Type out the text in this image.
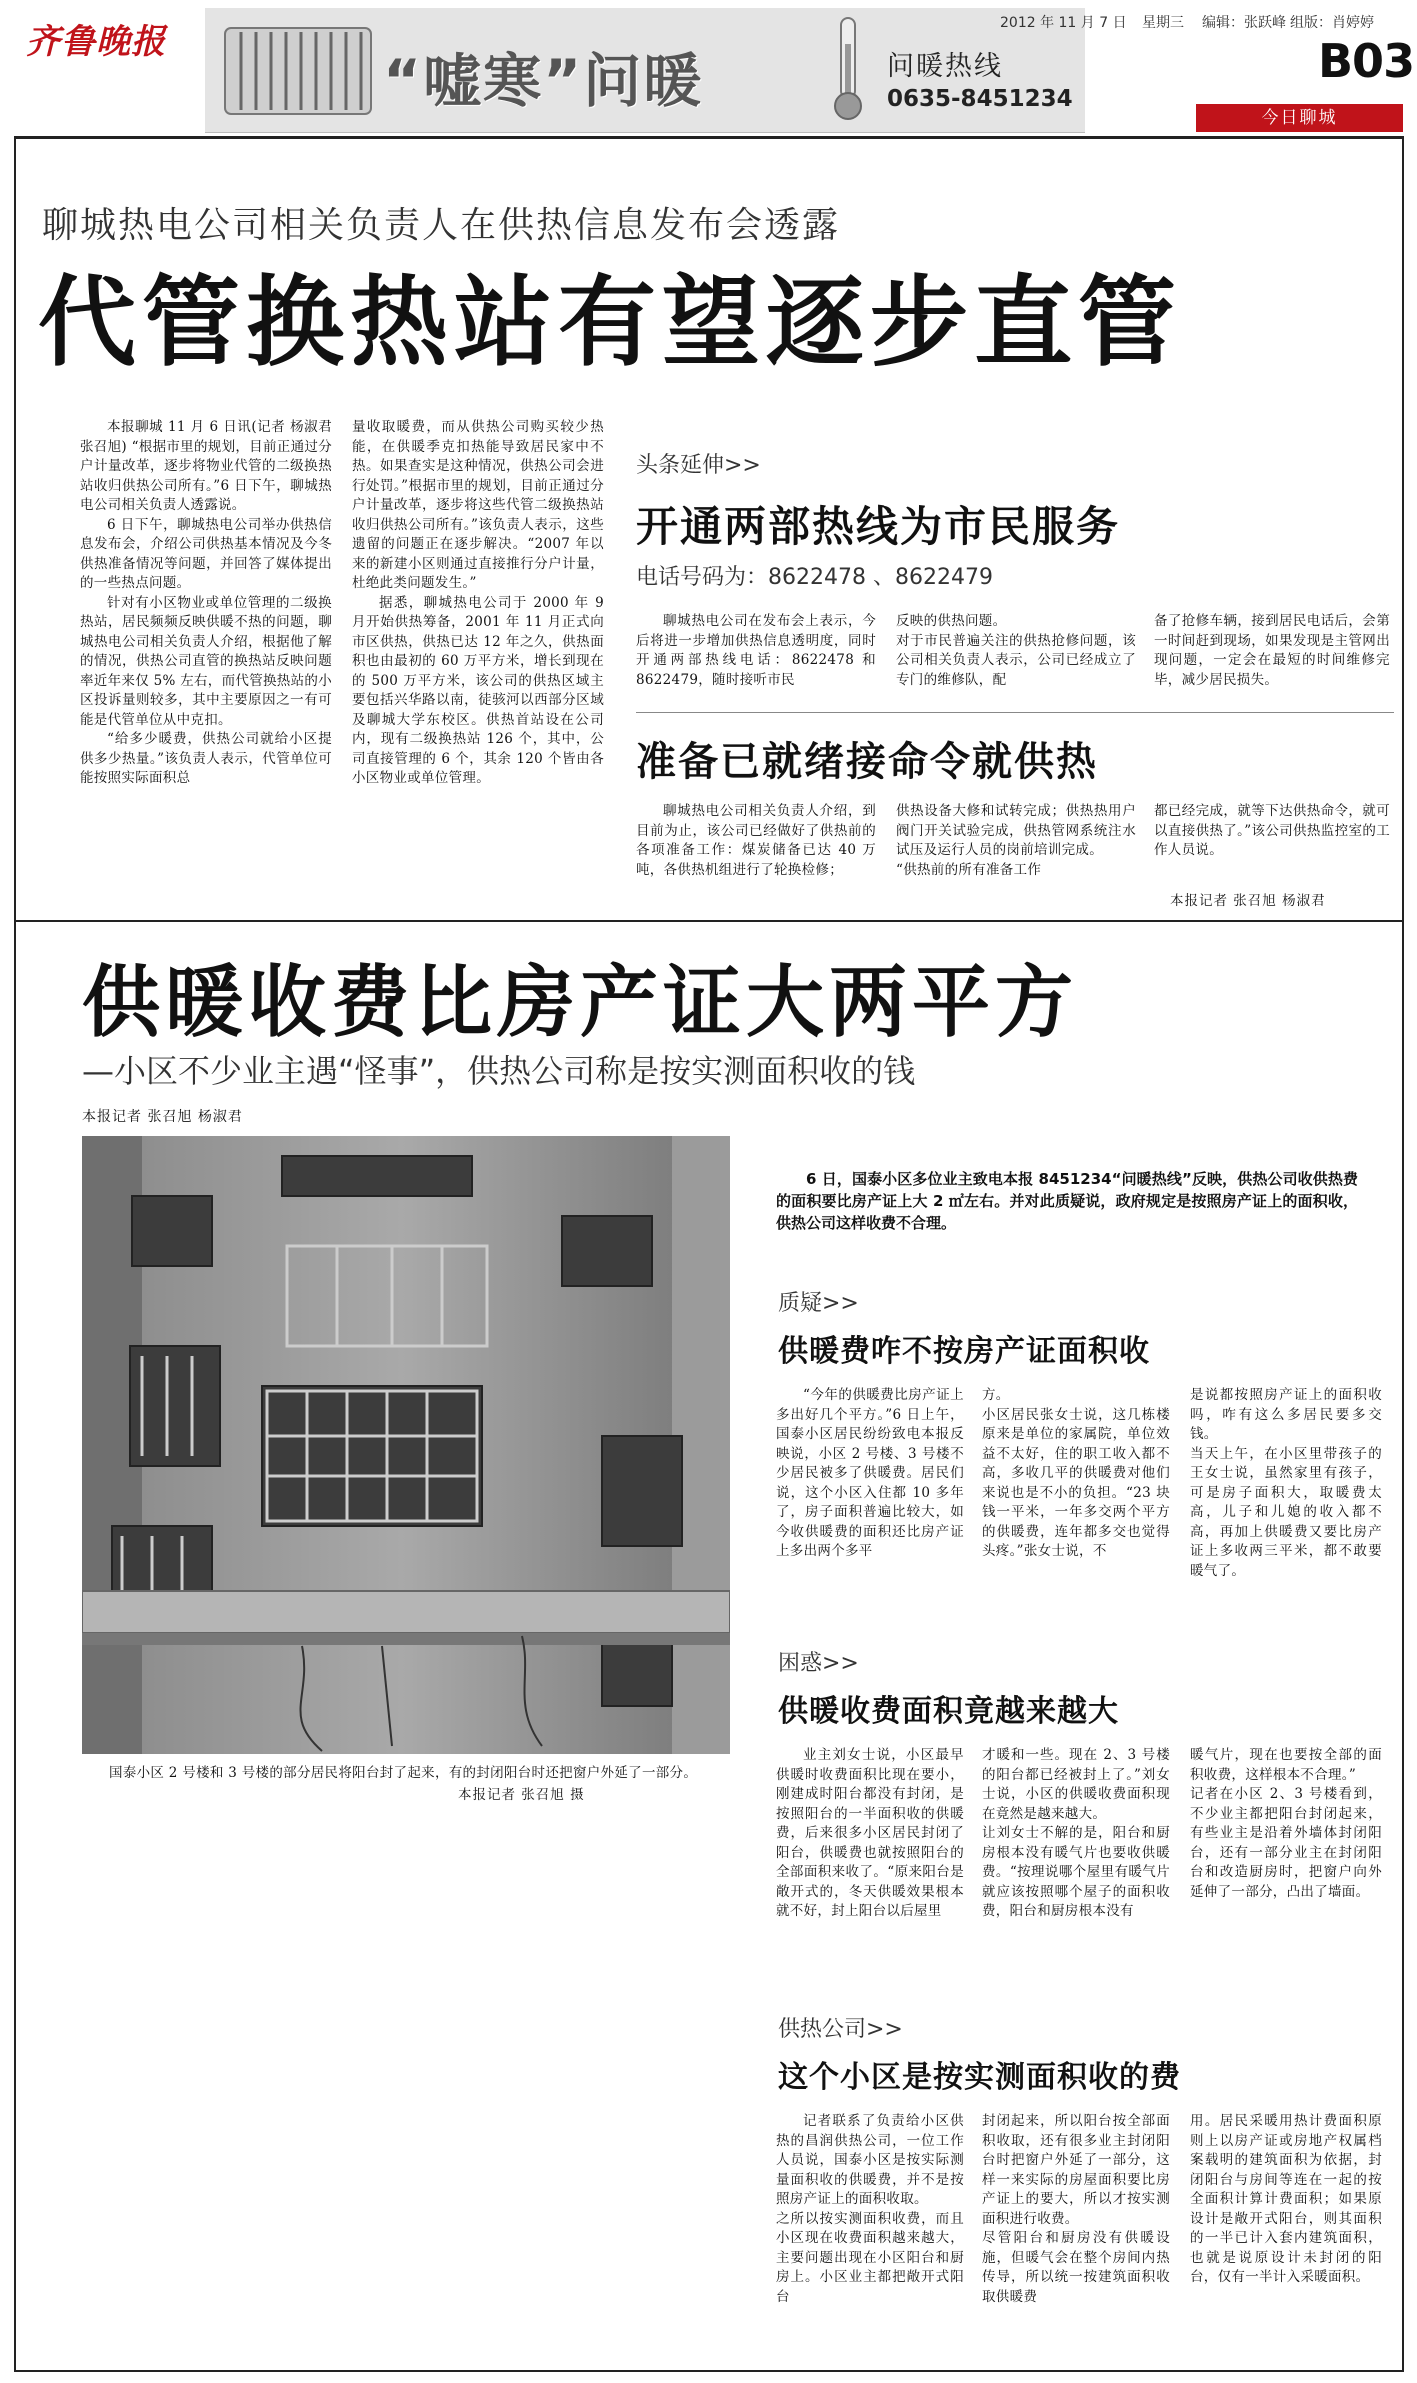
齐鲁晚报
“嘘寒”问暖	问暖热线
0635-8451234
2012 年 11 月 7 日 星期三 编辑：张跃峰 组版：肖婷婷
B03
今日聊城
聊城热电公司相关负责人在供热信息发布会透露
代管换热站有望逐步直管

本报聊城 11 月 6 日讯(记者 杨淑君 张召旭) “根据市里的规划，目前正通过分户计量改革，逐步将物业代管的二级换热站收归供热公司所有。”6 日下午，聊城热电公司相关负责人透露说。

6 日下午，聊城热电公司举办供热信息发布会，介绍公司供热基本情况及今冬供热准备情况等问题，并回答了媒体提出的一些热点问题。

针对有小区物业或单位管理的二级换热站，居民频频反映供暖不热的问题，聊城热电公司相关负责人介绍，根据他了解的情况，供热公司直管的换热站反映问题率近年来仅 5% 左右，而代管换热站的小区投诉量则较多，其中主要原因之一有可能是代管单位从中克扣。

“给多少暖费，供热公司就给小区提供多少热量。”该负责人表示，代管单位可能按照实际面积总

量收取暖费，而从供热公司购买较少热能，在供暖季克扣热能导致居民家中不热。如果查实是这种情况，供热公司会进行处罚。”根据市里的规划，目前正通过分户计量改革，逐步将这些代管二级换热站收归供热公司所有。”该负责人表示，这些遗留的问题正在逐步解决。“2007 年以来的新建小区则通过直接推行分户计量，杜绝此类问题发生。”

据悉，聊城热电公司于 2000 年 9 月开始供热筹备，2001 年 11 月正式向市区供热，供热已达 12 年之久，供热面积也由最初的 60 万平方米，增长到现在的 500 万平方米，该公司的供热区域主要包括兴华路以南，徒骇河以西部分区域及聊城大学东校区。供热首站设在公司内，现有二级换热站 126 个，其中，公司直接管理的 6 个，其余 120 个皆由各小区物业或单位管理。

头条延伸>>
开通两部热线为市民服务
电话号码为：8622478 、8622479
聊城热电公司在发布会上表示，今后将进一步增加供热信息透明度，同时开通两部热线电话：8622478 和 8622479，随时接听市民
反映的供热问题。
对于市民普遍关注的供热抢修问题，该公司相关负责人表示，公司已经成立了专门的维修队，配
备了抢修车辆，接到居民电话后，会第一时间赶到现场，如果发现是主管网出现问题，一定会在最短的时间维修完毕，减少居民损失。
准备已就绪接命令就供热
聊城热电公司相关负责人介绍，到目前为止，该公司已经做好了供热前的各项准备工作：煤炭储备已达 40 万吨，各供热机组进行了轮换检修；
供热设备大修和试转完成；供热热用户阀门开关试验完成，供热管网系统注水试压及运行人员的岗前培训完成。
“供热前的所有准备工作
都已经完成，就等下达供热命令，就可以直接供热了。”该公司供热监控室的工作人员说。
本报记者 张召旭 杨淑君
供暖收费比房产证大两平方
—小区不少业主遇“怪事”，供热公司称是按实测面积收的钱
本报记者 张召旭 杨淑君
国泰小区 2 号楼和 3 号楼的部分居民将阳台封了起来，有的封闭阳台时还把窗户外延了一部分。
本报记者 张召旭 摄
6 日，国泰小区多位业主致电本报 8451234“问暖热线”反映，供热公司收供热费的面积要比房产证上大 2 ㎡左右。并对此质疑说，政府规定是按照房产证上的面积收，供热公司这样收费不合理。
质疑>>
供暖费咋不按房产证面积收
“今年的供暖费比房产证上多出好几个平方。”6 日上午，国泰小区居民纷纷致电本报反映说，小区 2 号楼、3 号楼不少居民被多了供暖费。居民们说，这个小区入住都 10 多年了，房子面积普遍比较大，如今收供暖费的面积还比房产证上多出两个多平
方。
小区居民张女士说，这几栋楼原来是单位的家属院，单位效益不太好，住的职工收入都不高，多收几平的供暖费对他们来说也是不小的负担。“23 块钱一平米，一年多交两个平方的供暖费，连年都多交也觉得头疼。”张女士说，不
是说都按照房产证上的面积收吗，咋有这么多居民要多交钱。
当天上午，在小区里带孩子的王女士说，虽然家里有孩子，可是房子面积大，取暖费太高，儿子和儿媳的收入都不高，再加上供暖费又要比房产证上多收两三平米，都不敢要暖气了。
困惑>>
供暖收费面积竟越来越大
业主刘女士说，小区最早供暖时收费面积比现在要小，刚建成时阳台都没有封闭，是按照阳台的一半面积收的供暖费，后来很多小区居民封闭了阳台，供暖费也就按照阳台的全部面积来收了。“原来阳台是敞开式的，冬天供暖效果根本就不好，封上阳台以后屋里
才暖和一些。现在 2、3 号楼的阳台都已经被封上了。”刘女士说，小区的供暖收费面积现在竟然是越来越大。
让刘女士不解的是，阳台和厨房根本没有暖气片也要收供暖费。“按理说哪个屋里有暖气片就应该按照哪个屋子的面积收费，阳台和厨房根本没有
暖气片，现在也要按全部的面积收费，这样根本不合理。”
记者在小区 2、3 号楼看到，不少业主都把阳台封闭起来，有些业主是沿着外墙体封闭阳台，还有一部分业主在封闭阳台和改造厨房时，把窗户向外延伸了一部分，凸出了墙面。
供热公司>>
这个小区是按实测面积收的费
记者联系了负责给小区供热的昌润供热公司，一位工作人员说，国泰小区是按实际测量面积收的供暖费，并不是按照房产证上的面积收取。
之所以按实测面积收费，而且小区现在收费面积越来越大，主要问题出现在小区阳台和厨房上。小区业主都把敞开式阳台
封闭起来，所以阳台按全部面积收取，还有很多业主封闭阳台时把窗户外延了一部分，这样一来实际的房屋面积要比房产证上的要大，所以才按实测面积进行收费。
尽管阳台和厨房没有供暖设施，但暖气会在整个房间内热传导，所以统一按建筑面积收取供暖费
用。居民采暖用热计费面积原则上以房产证或房地产权属档案载明的建筑面积为依据，封闭阳台与房间等连在一起的按全面积计算计费面积；如果原设计是敞开式阳台，则其面积的一半已计入套内建筑面积，也就是说原设计未封闭的阳台，仅有一半计入采暖面积。
